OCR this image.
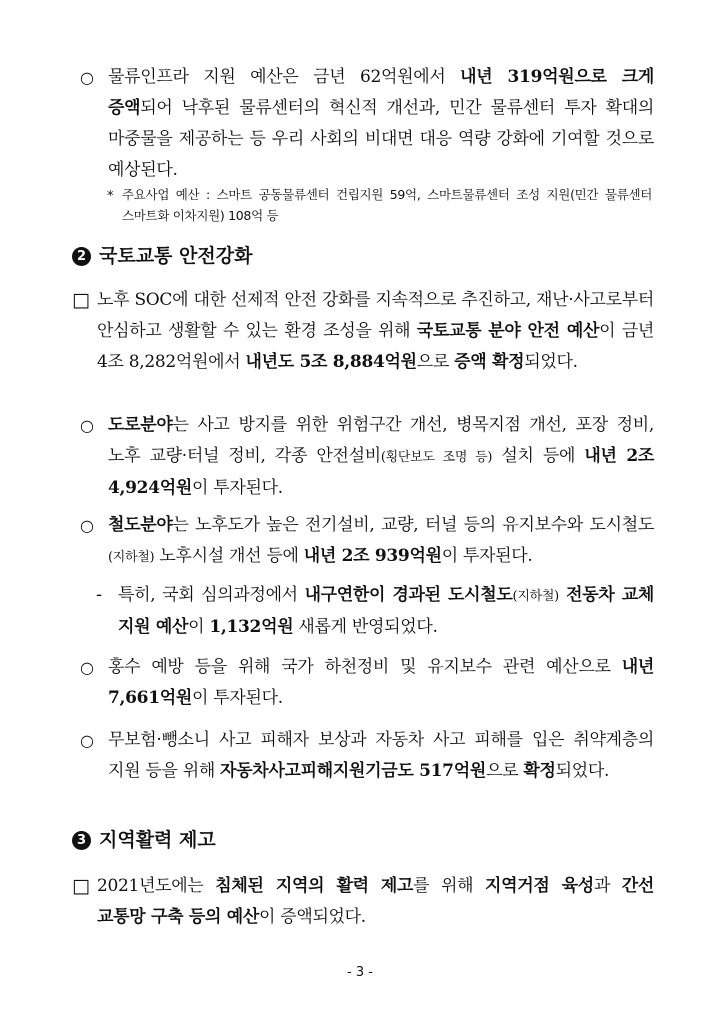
○ 물류인프라 지원 예산은 금년 62억원에서 내년 319억원으로 크게 증액되어 낙후된 물류센터의 혁신적 개선과, 민간 물류센터 투자 확대의 마중물을 제공하는 등 우리 사회의 비대면 대응 역량 강화에 기여할 것으로 예상된다.
* 주요사업 예산 : 스마트 공동물류센터 건립지원 59억, 스마트물류센터 조성 지원(민간 물류센터 스마트화 이차지원) 108억 등
2 국토교통 안전강화
□ 노후 SOC에 대한 선제적 안전 강화를 지속적으로 추진하고, 재난·사고로부터 안심하고 생활할 수 있는 환경 조성을 위해 국토교통 분야 안전 예산이 금년 4조 8,282억원에서 내년도 5조 8,884억원으로 증액 확정되었다.
○ 도로분야는 사고 방지를 위한 위험구간 개선, 병목지점 개선, 포장 정비, 노후 교량·터널 정비, 각종 안전설비(횡단보도 조명 등) 설치 등에 내년 2조 4,924억원이 투자된다.
○ 철도분야는 노후도가 높은 전기설비, 교량, 터널 등의 유지보수와 도시철도(지하철) 노후시설 개선 등에 내년 2조 939억원이 투자된다.
- 특히, 국회 심의과정에서 내구연한이 경과된 도시철도(지하철) 전동차 교체 지원 예산이 1,132억원 새롭게 반영되었다.
○ 홍수 예방 등을 위해 국가 하천정비 및 유지보수 관련 예산으로 내년 7,661억원이 투자된다.
○ 무보험·뺑소니 사고 피해자 보상과 자동차 사고 피해를 입은 취약계층의 지원 등을 위해 자동차사고피해지원기금도 517억원으로 확정되었다.
3 지역활력 제고
□ 2021년도에는 침체된 지역의 활력 제고를 위해 지역거점 육성과 간선 교통망 구축 등의 예산이 증액되었다.
- 3 -
